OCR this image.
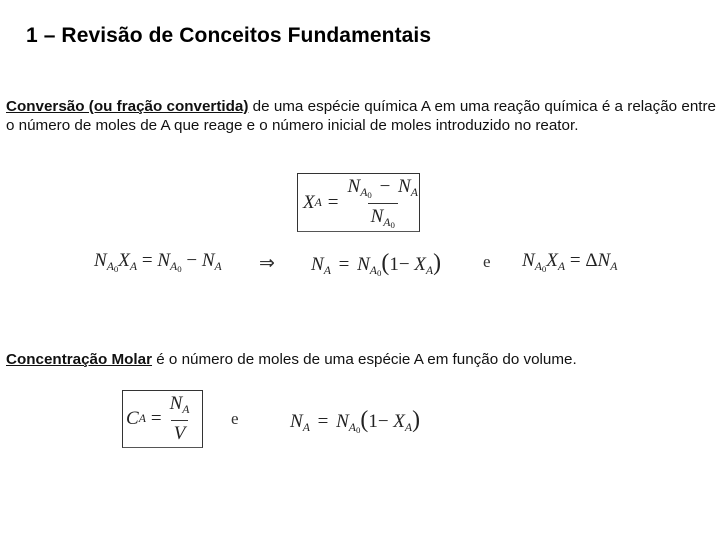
1 – Revisão de Conceitos Fundamentais
Conversão (ou fração convertida) de uma espécie química A em uma reação química é a relação entre o número de moles de A que reage e o número inicial de moles introduzido no reator.
X $A = \frac{N_{A0} - N_A}{N_{A0}}$
$N_{A0}X_A = N_{A0} - N_A$ ⇒ $N_A = N_{A0}(1- X_A)$ e $N_{A0}X_A = \Delta N_A$
Concentração Molar é o número de moles de uma espécie A em função do volume.
C $A = \frac{N_A}{V}$ e	$N_A = N_{A0}(1- X_A)$
